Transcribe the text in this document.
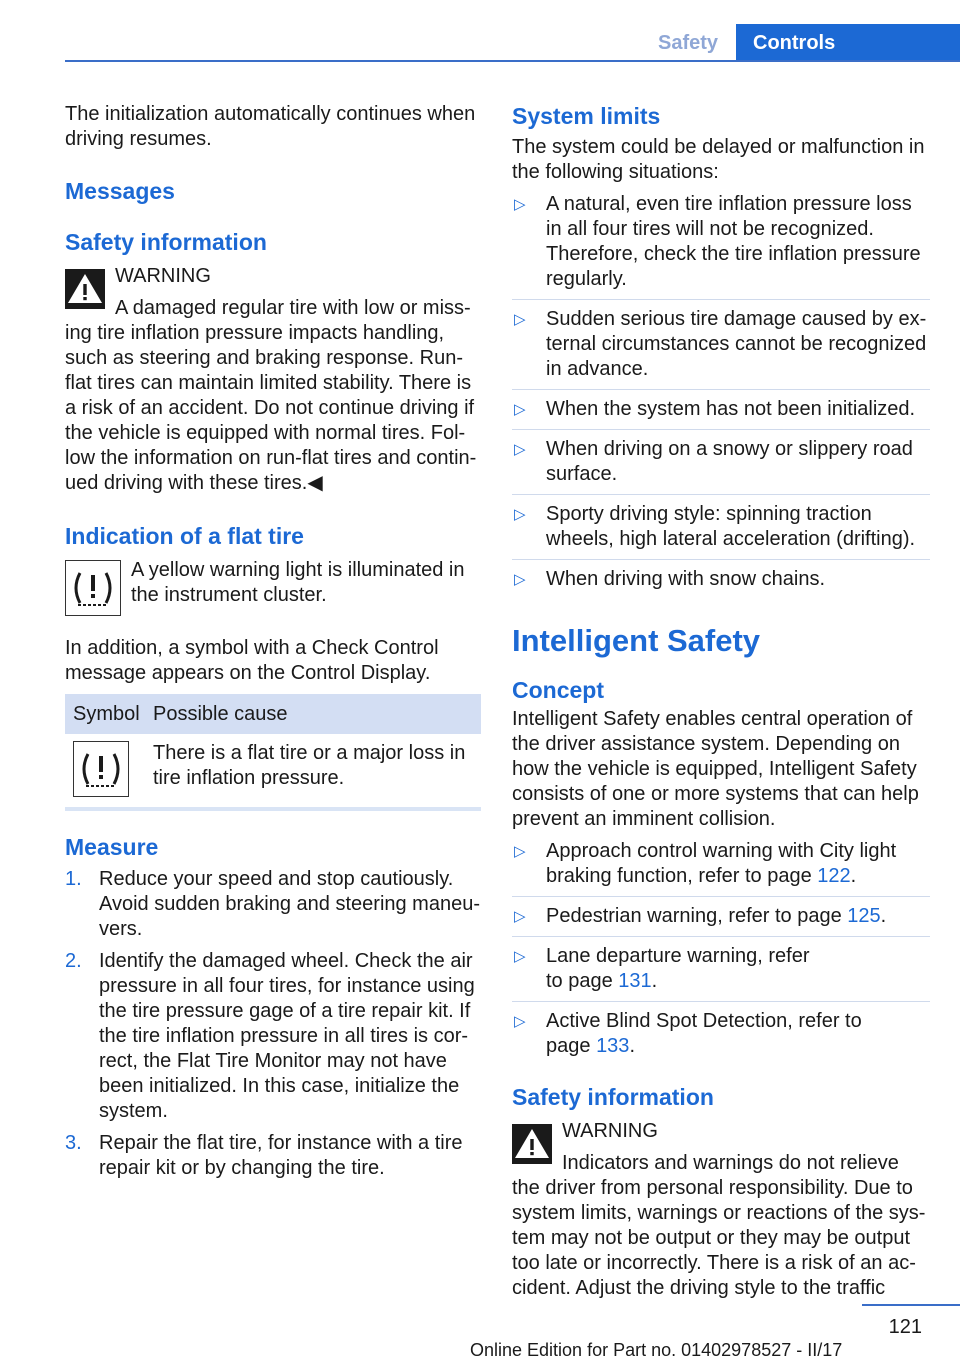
Safety	Controls

The initialization automatically continues when driving resumes.

Messages

Safety information

WARNING

A damaged regular tire with low or miss‐

ing tire inflation pressure impacts handling, such as steering and braking response. Run‐flat tires can maintain limited stability. There is a risk of an accident. Do not continue driving if the vehicle is equipped with normal tires. Fol‐low the information on run-flat tires and contin‐ued driving with these tires.◀

Indication of a flat tire

A yellow warning light is illuminated in the instrument cluster.

In addition, a symbol with a Check Control message appears on the Control Display.

Symbol Possible cause

There is a flat tire or a major loss in tire inflation pressure.

Measure

1. Reduce your speed and stop cautiously. Avoid sudden braking and steering maneu‐vers.
2. Identify the damaged wheel. Check the air pressure in all four tires, for instance using the tire pressure gage of a tire repair kit. If the tire inflation pressure in all tires is cor‐rect, the Flat Tire Monitor may not have been initialized. In this case, initialize the system.
3. Repair the flat tire, for instance with a tire repair kit or by changing the tire.

System limits

The system could be delayed or malfunction in the following situations:

▷ A natural, even tire inflation pressure loss in all four tires will not be recognized. Therefore, check the tire inflation pressure regularly.
▷ Sudden serious tire damage caused by ex‐ternal circumstances cannot be recognized in advance.
▷ When the system has not been initialized.
▷ When driving on a snowy or slippery road surface.
▷ Sporty driving style: spinning traction wheels, high lateral acceleration (drifting).
▷ When driving with snow chains.

Intelligent Safety

Concept

Intelligent Safety enables central operation of the driver assistance system. Depending on how the vehicle is equipped, Intelligent Safety consists of one or more systems that can help prevent an imminent collision.

▷ Approach control warning with City light braking function, refer to page 122.
▷ Pedestrian warning, refer to page 125.
▷ Lane departure warning, refer to page 131.
▷ Active Blind Spot Detection, refer to page 133.

Safety information

WARNING

Indicators and warnings do not relieve

the driver from personal responsibility. Due to system limits, warnings or reactions of the sys‐tem may not be output or they may be output too late or incorrectly. There is a risk of an ac‐cident. Adjust the driving style to the traffic

121
Online Edition for Part no. 01402978527 - II/17
